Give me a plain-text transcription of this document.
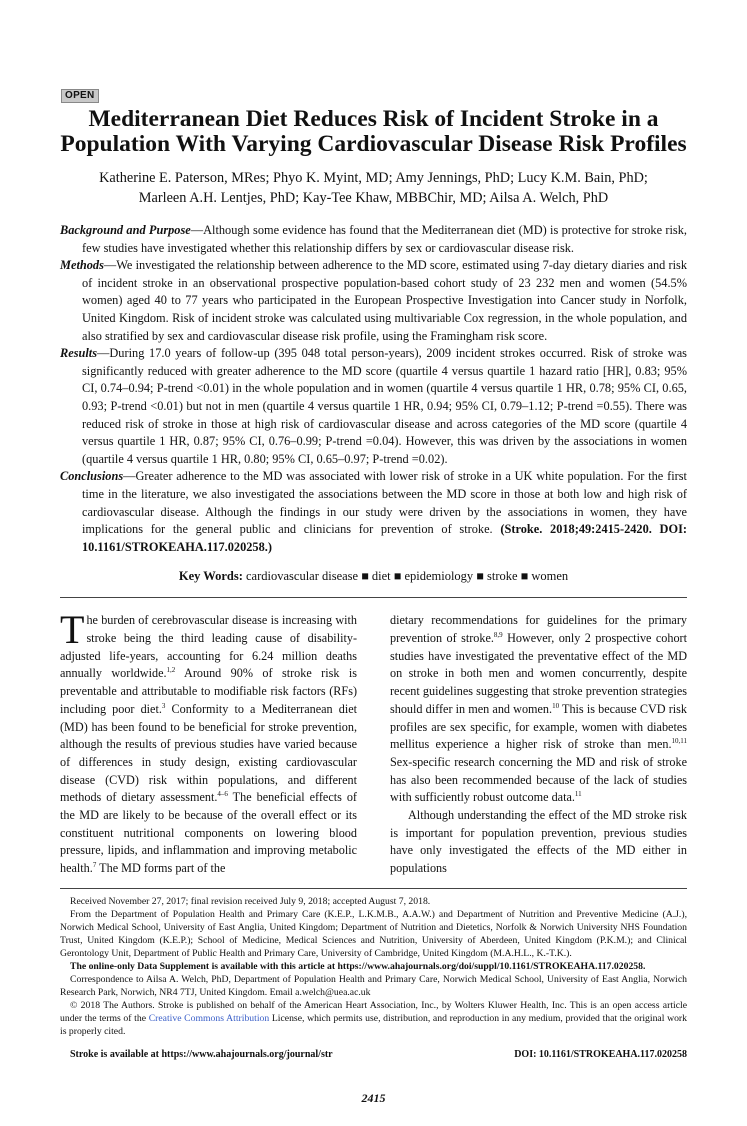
OPEN
Mediterranean Diet Reduces Risk of Incident Stroke in a Population With Varying Cardiovascular Disease Risk Profiles
Katherine E. Paterson, MRes; Phyo K. Myint, MD; Amy Jennings, PhD; Lucy K.M. Bain, PhD;
Marleen A.H. Lentjes, PhD; Kay-Tee Khaw, MBBChir, MD; Ailsa A. Welch, PhD

Background and Purpose—Although some evidence has found that the Mediterranean diet (MD) is protective for stroke risk, few studies have investigated whether this relationship differs by sex or cardiovascular disease risk.

Methods—We investigated the relationship between adherence to the MD score, estimated using 7-day dietary diaries and risk of incident stroke in an observational prospective population-based cohort study of 23 232 men and women (54.5% women) aged 40 to 77 years who participated in the European Prospective Investigation into Cancer study in Norfolk, United Kingdom. Risk of incident stroke was calculated using multivariable Cox regression, in the whole population, and also stratified by sex and cardiovascular disease risk profile, using the Framingham risk score.

Results—During 17.0 years of follow-up (395 048 total person-years), 2009 incident strokes occurred. Risk of stroke was significantly reduced with greater adherence to the MD score (quartile 4 versus quartile 1 hazard ratio [HR], 0.83; 95% CI, 0.74–0.94; P-trend <0.01) in the whole population and in women (quartile 4 versus quartile 1 HR, 0.78; 95% CI, 0.65, 0.93; P-trend <0.01) but not in men (quartile 4 versus quartile 1 HR, 0.94; 95% CI, 0.79–1.12; P-trend =0.55). There was reduced risk of stroke in those at high risk of cardiovascular disease and across categories of the MD score (quartile 4 versus quartile 1 HR, 0.87; 95% CI, 0.76–0.99; P-trend =0.04). However, this was driven by the associations in women (quartile 4 versus quartile 1 HR, 0.80; 95% CI, 0.65–0.97; P-trend =0.02).

Conclusions—Greater adherence to the MD was associated with lower risk of stroke in a UK white population. For the first time in the literature, we also investigated the associations between the MD score in those at both low and high risk of cardiovascular disease. Although the findings in our study were driven by the associations in women, they have implications for the general public and clinicians for prevention of stroke. (Stroke. 2018;49:2415-2420. DOI: 10.1161/STROKEAHA.117.020258.)

Key Words: cardiovascular disease ■ diet ■ epidemiology ■ stroke ■ women

The burden of cerebrovascular disease is increasing with stroke being the third leading cause of disability-adjusted life-years, accounting for 6.24 million deaths annually worldwide.$^{1,2}$ Around 90% of stroke risk is preventable and attributable to modifiable risk factors (RFs) including poor diet.$^3$ Conformity to a Mediterranean diet (MD) has been found to be beneficial for stroke prevention, although the results of previous studies have varied because of differences in study design, existing cardiovascular disease (CVD) risk within populations, and different methods of dietary assessment.$^{4-6}$ The beneficial effects of the MD are likely to be because of the overall effect or its constituent nutritional components on lowering blood pressure, lipids, and inflammation and improving metabolic health.$^7$ The MD forms part of the

dietary recommendations for guidelines for the primary prevention of stroke.$^{8,9}$ However, only 2 prospective cohort studies have investigated the preventative effect of the MD on stroke in both men and women concurrently, despite recent guidelines suggesting that stroke prevention strategies should differ in men and women.$^{10}$ This is because CVD risk profiles are sex specific, for example, women with diabetes mellitus experience a higher risk of stroke than men.$^{10,11}$ Sex-specific research concerning the MD and risk of stroke has also been recommended because of the lack of studies with sufficiently robust outcome data.$^{11}$

Although understanding the effect of the MD stroke risk is important for population prevention, previous studies have only investigated the effects of the MD either in populations

Received November 27, 2017; final revision received July 9, 2018; accepted August 7, 2018.

From the Department of Population Health and Primary Care (K.E.P., L.K.M.B., A.A.W.) and Department of Nutrition and Preventive Medicine (A.J.), Norwich Medical School, University of East Anglia, United Kingdom; Department of Nutrition and Dietetics, Norfolk & Norwich University NHS Foundation Trust, United Kingdom (K.E.P.); School of Medicine, Medical Sciences and Nutrition, University of Aberdeen, United Kingdom (P.K.M.); and Clinical Gerontology Unit, Department of Public Health and Primary Care, University of Cambridge, United Kingdom (M.A.H.L., K.-T.K.).

The online-only Data Supplement is available with this article at https://www.ahajournals.org/doi/suppl/10.1161/STROKEAHA.117.020258.

Correspondence to Ailsa A. Welch, PhD, Department of Population Health and Primary Care, Norwich Medical School, University of East Anglia, Norwich Research Park, Norwich, NR4 7TJ, United Kingdom. Email a.welch@uea.ac.uk

© 2018 The Authors. Stroke is published on behalf of the American Heart Association, Inc., by Wolters Kluwer Health, Inc. This is an open access article under the terms of the Creative Commons Attribution License, which permits use, distribution, and reproduction in any medium, provided that the original work is properly cited.

Stroke is available at https://www.ahajournals.org/journal/str	DOI: 10.1161/STROKEAHA.117.020258
2415
